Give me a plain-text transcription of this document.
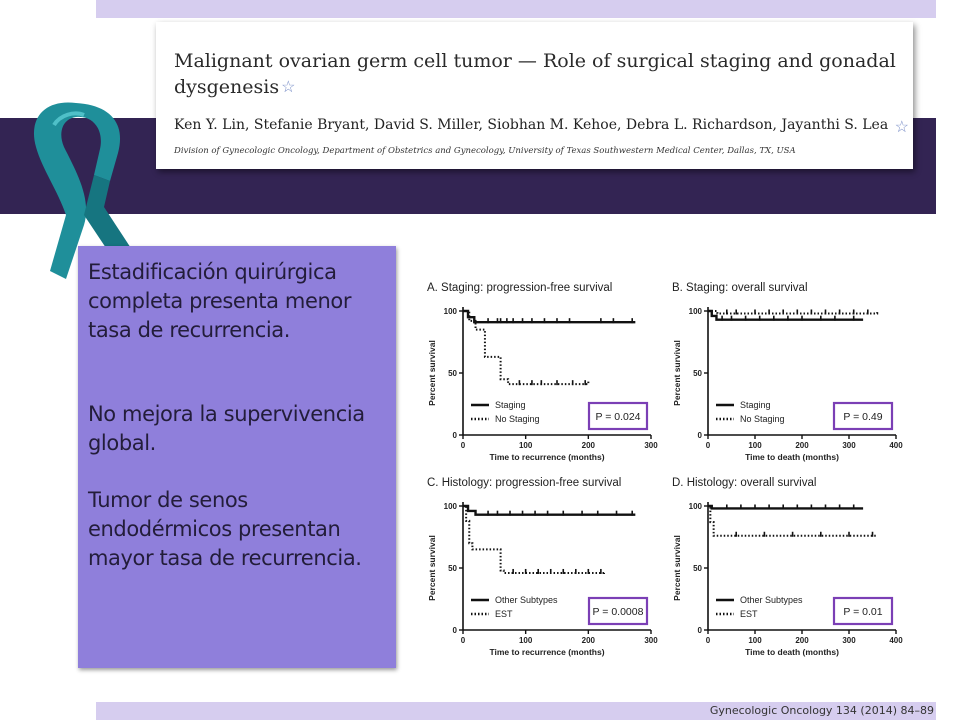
Malignant ovarian germ cell tumor — Role of surgical staging and gonadal dysgenesis ☆
Ken Y. Lin, Stefanie Bryant, David S. Miller, Siobhan M. Kehoe, Debra L. Richardson, Jayanthi S. Lea ☆
Division of Gynecologic Oncology, Department of Obstetrics and Gynecology, University of Texas Southwestern Medical Center, Dallas, TX, USA

Estadificación quirúrgica completa presenta menor tasa de recurrencia.

No mejora la supervivencia global.

Tumor de senos endodérmicos presentan mayor tasa de recurrencia.

A. Staging: progression-free survival
0
50
100
0	100	200	300
Time to recurrence (months)
Percent survival	Staging
No Staging	P = 0.024
B. Staging: overall survival
0
50
100
0	100	200	300	400
Time to death (months)
Percent survival	Staging
No Staging	P = 0.49
C. Histology: progression-free survival
0
50
100
0	100	200	300
Time to recurrence (months)
Percent survival	Other Subtypes
EST	P = 0.0008
D. Histology: overall survival
0
50
100
0	100	200	300	400
Time to death (months)
Percent survival	Other Subtypes
EST	P = 0.01
Gynecologic Oncology 134 (2014) 84–89
